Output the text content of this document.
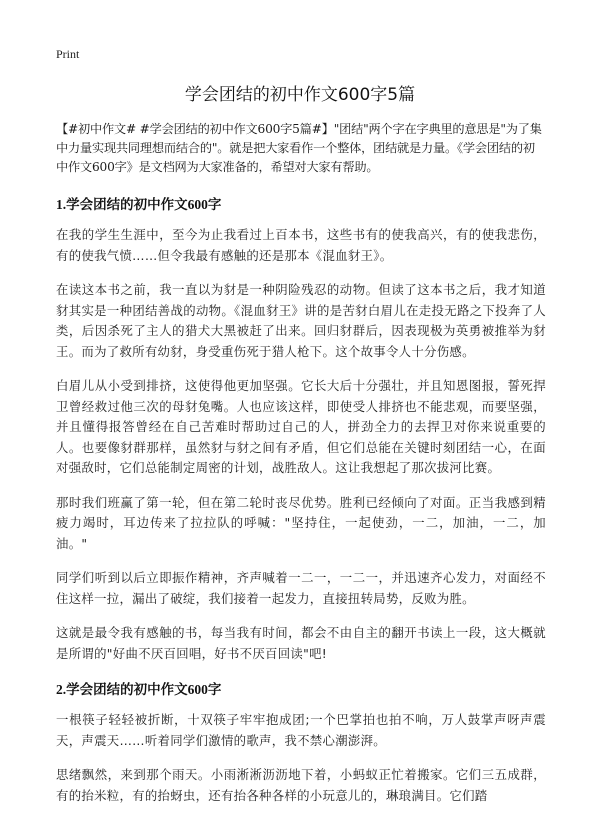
Print
学会团结的初中作文600字5篇

【#初中作文# #学会团结的初中作文600字5篇#】"团结"两个字在字典里的意思是"为了集中力量实现共同理想而结合的"。就是把大家看作一个整体，团结就是力量。《学会团结的初中作文600字》是文档网为大家准备的，希望对大家有帮助。

1.学会团结的初中作文600字

在我的学生生涯中，至今为止我看过上百本书，这些书有的使我高兴，有的使我悲伤，有的使我气愤……但令我最有感触的还是那本《混血豺王》。

在读这本书之前，我一直以为豺是一种阴险残忍的动物。但读了这本书之后，我才知道豺其实是一种团结善战的动物。《混血豺王》讲的是苦豺白眉儿在走投无路之下投奔了人类，后因杀死了主人的猎犬大黑被赶了出来。回归豺群后，因表现极为英勇被推举为豺王。而为了救所有幼豺，身受重伤死于猎人枪下。这个故事令人十分伤感。

白眉儿从小受到排挤，这使得他更加坚强。它长大后十分强壮，并且知恩图报，誓死捍卫曾经救过他三次的母豺兔嘴。人也应该这样，即使受人排挤也不能悲观，而要坚强，并且懂得报答曾经在自己苦难时帮助过自己的人，拼劲全力的去捍卫对你来说重要的人。也要像豺群那样，虽然豺与豺之间有矛盾，但它们总能在关键时刻团结一心，在面对强敌时，它们总能制定周密的计划，战胜敌人。这让我想起了那次拔河比赛。

那时我们班赢了第一轮，但在第二轮时丧尽优势。胜利已经倾向了对面。正当我感到精疲力竭时，耳边传来了拉拉队的呼喊："坚持住，一起使劲，一二，加油，一二，加油。"

同学们听到以后立即振作精神，齐声喊着一二一，一二一，并迅速齐心发力，对面经不住这样一拉，漏出了破绽，我们接着一起发力，直接扭转局势，反败为胜。

这就是最令我有感触的书，每当我有时间，都会不由自主的翻开书读上一段，这大概就是所谓的"好曲不厌百回唱，好书不厌百回读"吧!

2.学会团结的初中作文600字

一根筷子轻轻被折断，十双筷子牢牢抱成团;一个巴掌拍也拍不响，万人鼓掌声呀声震天，声震天……听着同学们激情的歌声，我不禁心潮澎湃。

思绪飘然，来到那个雨天。小雨淅淅沥沥地下着，小蚂蚁正忙着搬家。它们三五成群，有的抬米粒，有的抬蚜虫，还有抬各种各样的小玩意儿的，琳琅满目。它们踏
